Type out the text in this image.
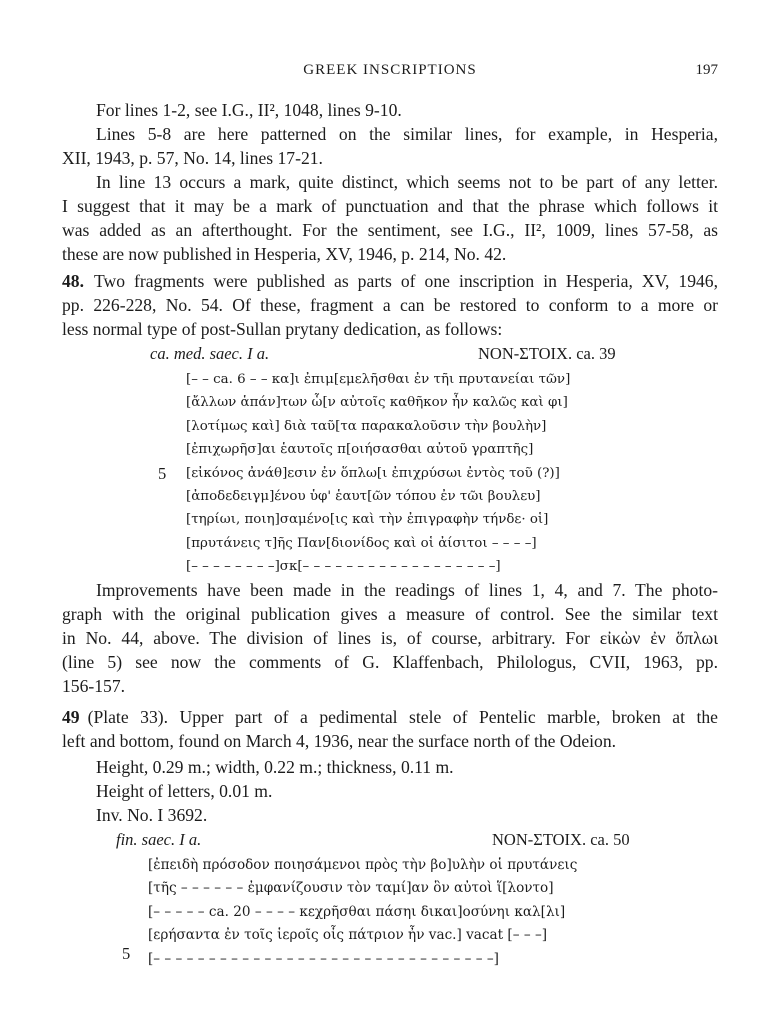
GREEK INSCRIPTIONS	197
For lines 1-2, see I.G., II², 1048, lines 9-10.
Lines 5-8 are here patterned on the similar lines, for example, in Hesperia,
XII, 1943, p. 57, No. 14, lines 17-21.
In line 13 occurs a mark, quite distinct, which seems not to be part of any letter.
I suggest that it may be a mark of punctuation and that the phrase which follows it
was added as an afterthought. For the sentiment, see I.G., II², 1009, lines 57-58, as
these are now published in Hesperia, XV, 1946, p. 214, No. 42.
48. Two fragments were published as parts of one inscription in Hesperia, XV, 1946,
pp. 226-228, No. 54. Of these, fragment a can be restored to conform to a more or
less normal type of post-Sullan prytany dedication, as follows:
ca. med. saec. I a.	NON-ΣΤΟΙΧ. ca. 39
[– – ca. 6 – – κα]ι ἐπιμ[εμελῆσθαι ἐν τῆι πρυτανείαι τῶν]
[ἄλλων ἁπάν]των ὧ[ν αὐτοῖς καθῆκον ἦν καλῶς καὶ φι]
[λοτίμως καὶ] διὰ ταῦ[τα παρακαλοῦσιν τὴν βουλὴν]
[ἐπιχωρῆσ]αι ἑαυτοῖς π[οιήσασθαι αὐτοῦ γραπτῆς]
[εἰκόνος ἀνάθ]εσιν ἐν ὅπλω[ι ἐπιχρύσωι ἐντὸς τοῦ (?)]
[ἀποδεδειγμ]ένου ὑφ' ἑαυτ[ῶν τόπου ἐν τῶι βουλευ]
[τηρίωι, ποιη]σαμένο[ις καὶ τὴν ἐπιγραφὴν τήνδε· οἱ]
[πρυτάνεις τ]ῆς Παν[διονίδος καὶ οἱ ἀίσιτοι – – – –]
[– – – – – – – –]σκ[– – – – – – – – – – – – – – – – – –]
5
Improvements have been made in the readings of lines 1, 4, and 7. The photo-
graph with the original publication gives a measure of control. See the similar text
in No. 44, above. The division of lines is, of course, arbitrary. For εἰκὼν ἐν ὅπλωι
(line 5) see now the comments of G. Klaffenbach, Philologus, CVII, 1963, pp.
156-157.
49 (Plate 33). Upper part of a pedimental stele of Pentelic marble, broken at the
left and bottom, found on March 4, 1936, near the surface north of the Odeion.
Height, 0.29 m.; width, 0.22 m.; thickness, 0.11 m.
Height of letters, 0.01 m.
Inv. No. I 3692.
fin. saec. I a.	NON-ΣΤΟΙΧ. ca. 50
[ἐπειδὴ πρόσοδον ποιησάμενοι πρὸς τὴν βο]υλὴν οἱ πρυτάνεις
[τῆς – – – – – – ἐμφανίζουσιν τὸν ταμί]αν ὃν αὐτοὶ ἵ[λοντο]
[– – – – – ca. 20 – – – – κεχρῆσθαι πάσηι δικαι]οσύνηι καλ[λι]
[ερήσαντα ἐν τοῖς ἱεροῖς οἷς πάτριον ἦν vac.] vacat [– – –]
[– – – – – – – – – – – – – – – – – – – – – – – – – – – – – – –]
5
